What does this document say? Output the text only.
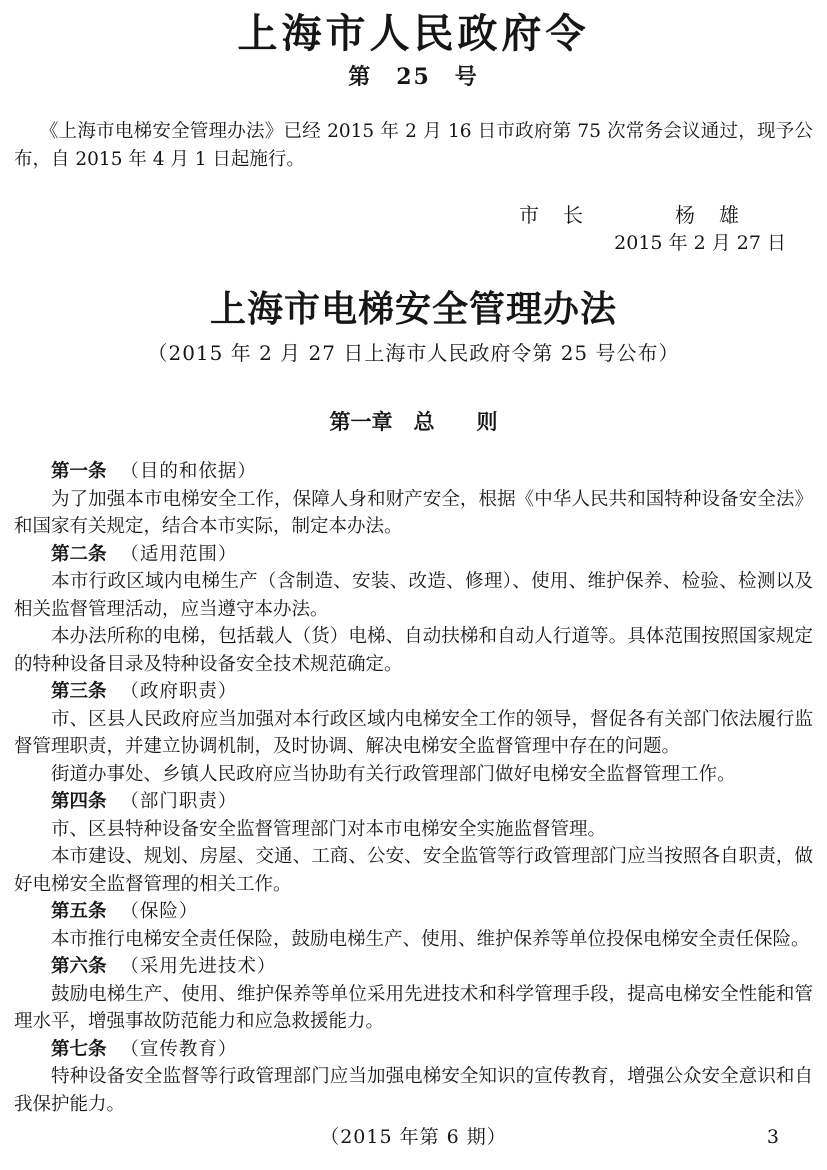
上海市人民政府令
第　25　号

《上海市电梯安全管理办法》已经 2015 年 2 月 16 日市政府第 75 次常务会议通过，现予公布，自 2015 年 4 月 1 日起施行。

市　长	杨　雄
2015 年 2 月 27 日
上海市电梯安全管理办法
（2015 年 2 月 27 日上海市人民政府令第 25 号公布）
第一章　总　　则

第一条 （目的和依据）

为了加强本市电梯安全工作，保障人身和财产安全，根据《中华人民共和国特种设备安全法》和国家有关规定，结合本市实际，制定本办法。

第二条 （适用范围）

本市行政区域内电梯生产（含制造、安装、改造、修理）、使用、维护保养、检验、检测以及相关监督管理活动，应当遵守本办法。

本办法所称的电梯，包括载人（货）电梯、自动扶梯和自动人行道等。具体范围按照国家规定的特种设备目录及特种设备安全技术规范确定。

第三条 （政府职责）

市、区县人民政府应当加强对本行政区域内电梯安全工作的领导，督促各有关部门依法履行监督管理职责，并建立协调机制，及时协调、解决电梯安全监督管理中存在的问题。

街道办事处、乡镇人民政府应当协助有关行政管理部门做好电梯安全监督管理工作。

第四条 （部门职责）

市、区县特种设备安全监督管理部门对本市电梯安全实施监督管理。

本市建设、规划、房屋、交通、工商、公安、安全监管等行政管理部门应当按照各自职责，做好电梯安全监督管理的相关工作。

第五条 （保险）

本市推行电梯安全责任保险，鼓励电梯生产、使用、维护保养等单位投保电梯安全责任保险。

第六条 （采用先进技术）

鼓励电梯生产、使用、维护保养等单位采用先进技术和科学管理手段，提高电梯安全性能和管理水平，增强事故防范能力和应急救援能力。

第七条 （宣传教育）

特种设备安全监督等行政管理部门应当加强电梯安全知识的宣传教育，增强公众安全意识和自我保护能力。

（2015 年第 6 期）	3
